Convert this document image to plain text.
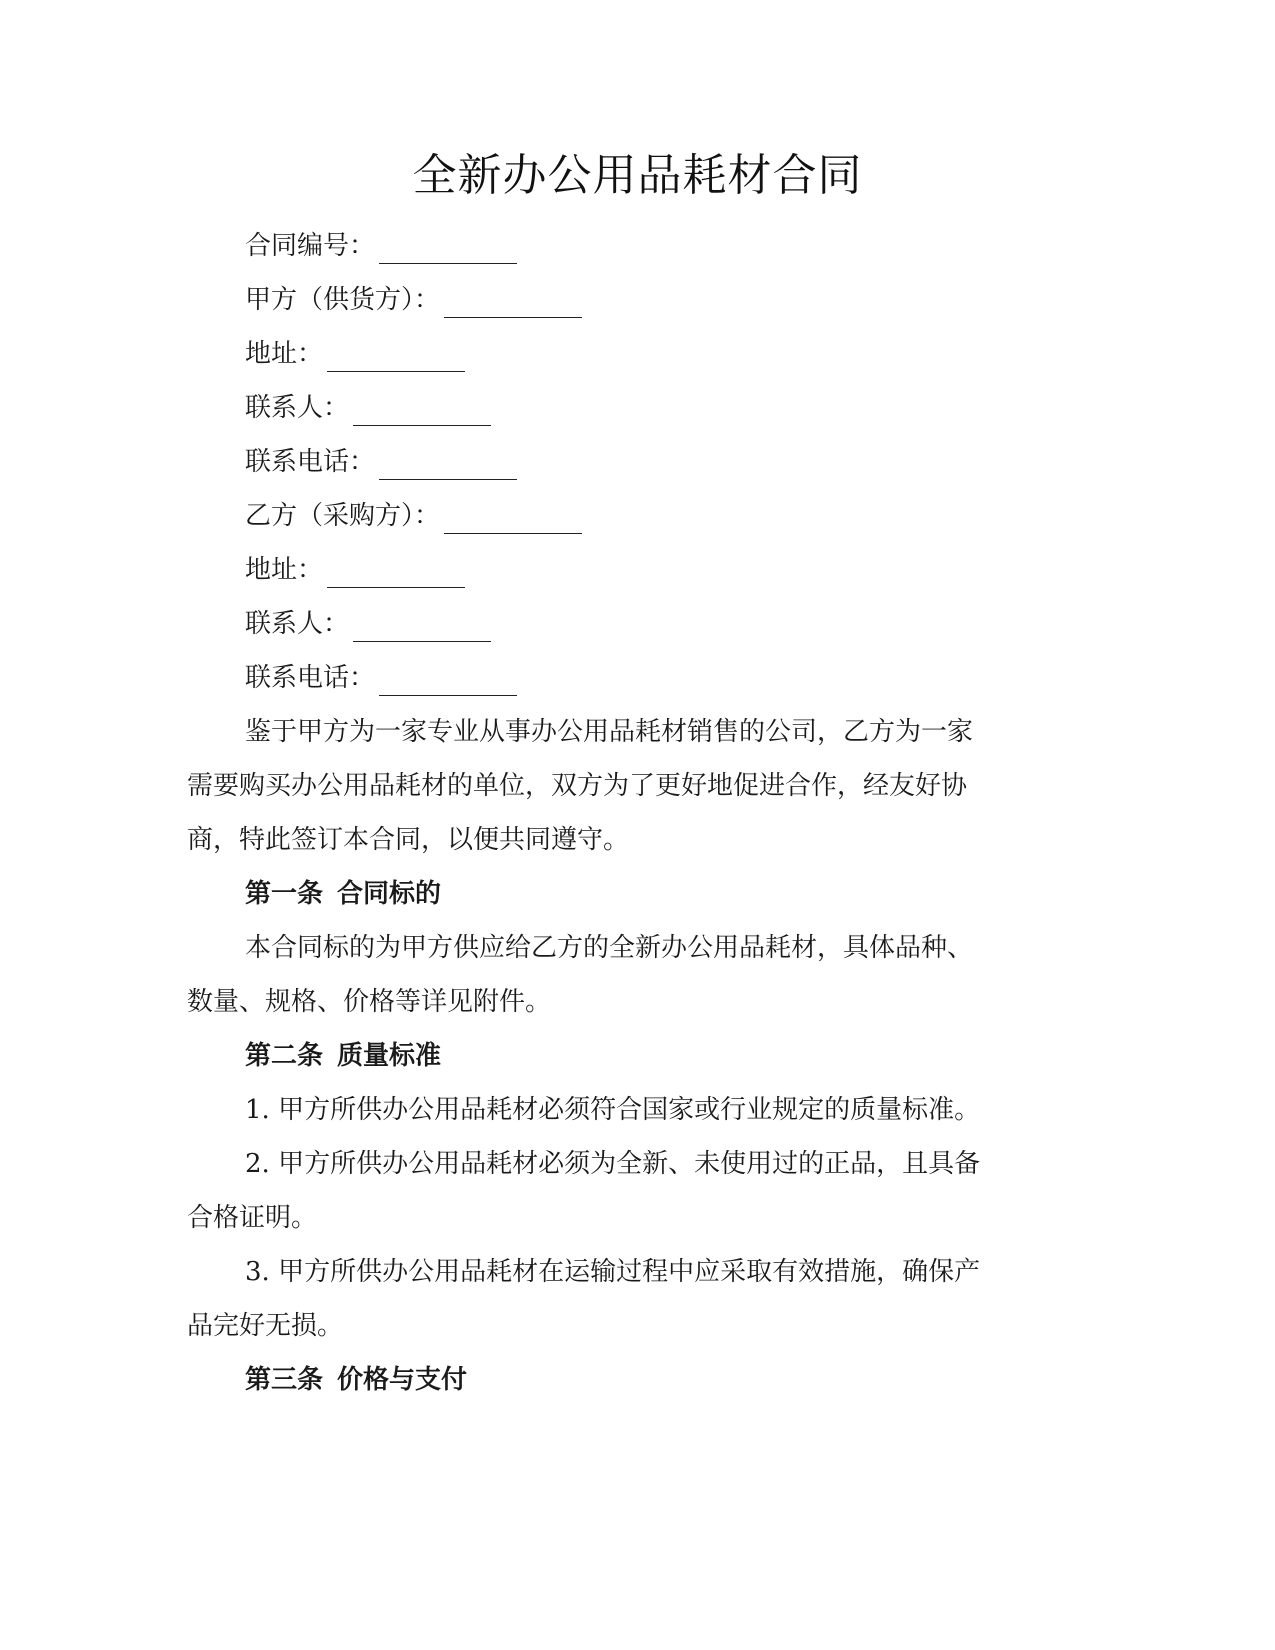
全新办公用品耗材合同
合同编号：
甲方（供货方）：
地址：
联系人：
联系电话：
乙方（采购方）：
地址：
联系人：
联系电话：
鉴于甲方为一家专业从事办公用品耗材销售的公司，乙方为一家
需要购买办公用品耗材的单位，双方为了更好地促进合作，经友好协
商，特此签订本合同，以便共同遵守。
第一条 合同标的
本合同标的为甲方供应给乙方的全新办公用品耗材，具体品种、
数量、规格、价格等详见附件。
第二条 质量标准
1. 甲方所供办公用品耗材必须符合国家或行业规定的质量标准。
2. 甲方所供办公用品耗材必须为全新、未使用过的正品，且具备
合格证明。
3. 甲方所供办公用品耗材在运输过程中应采取有效措施，确保产
品完好无损。
第三条 价格与支付
